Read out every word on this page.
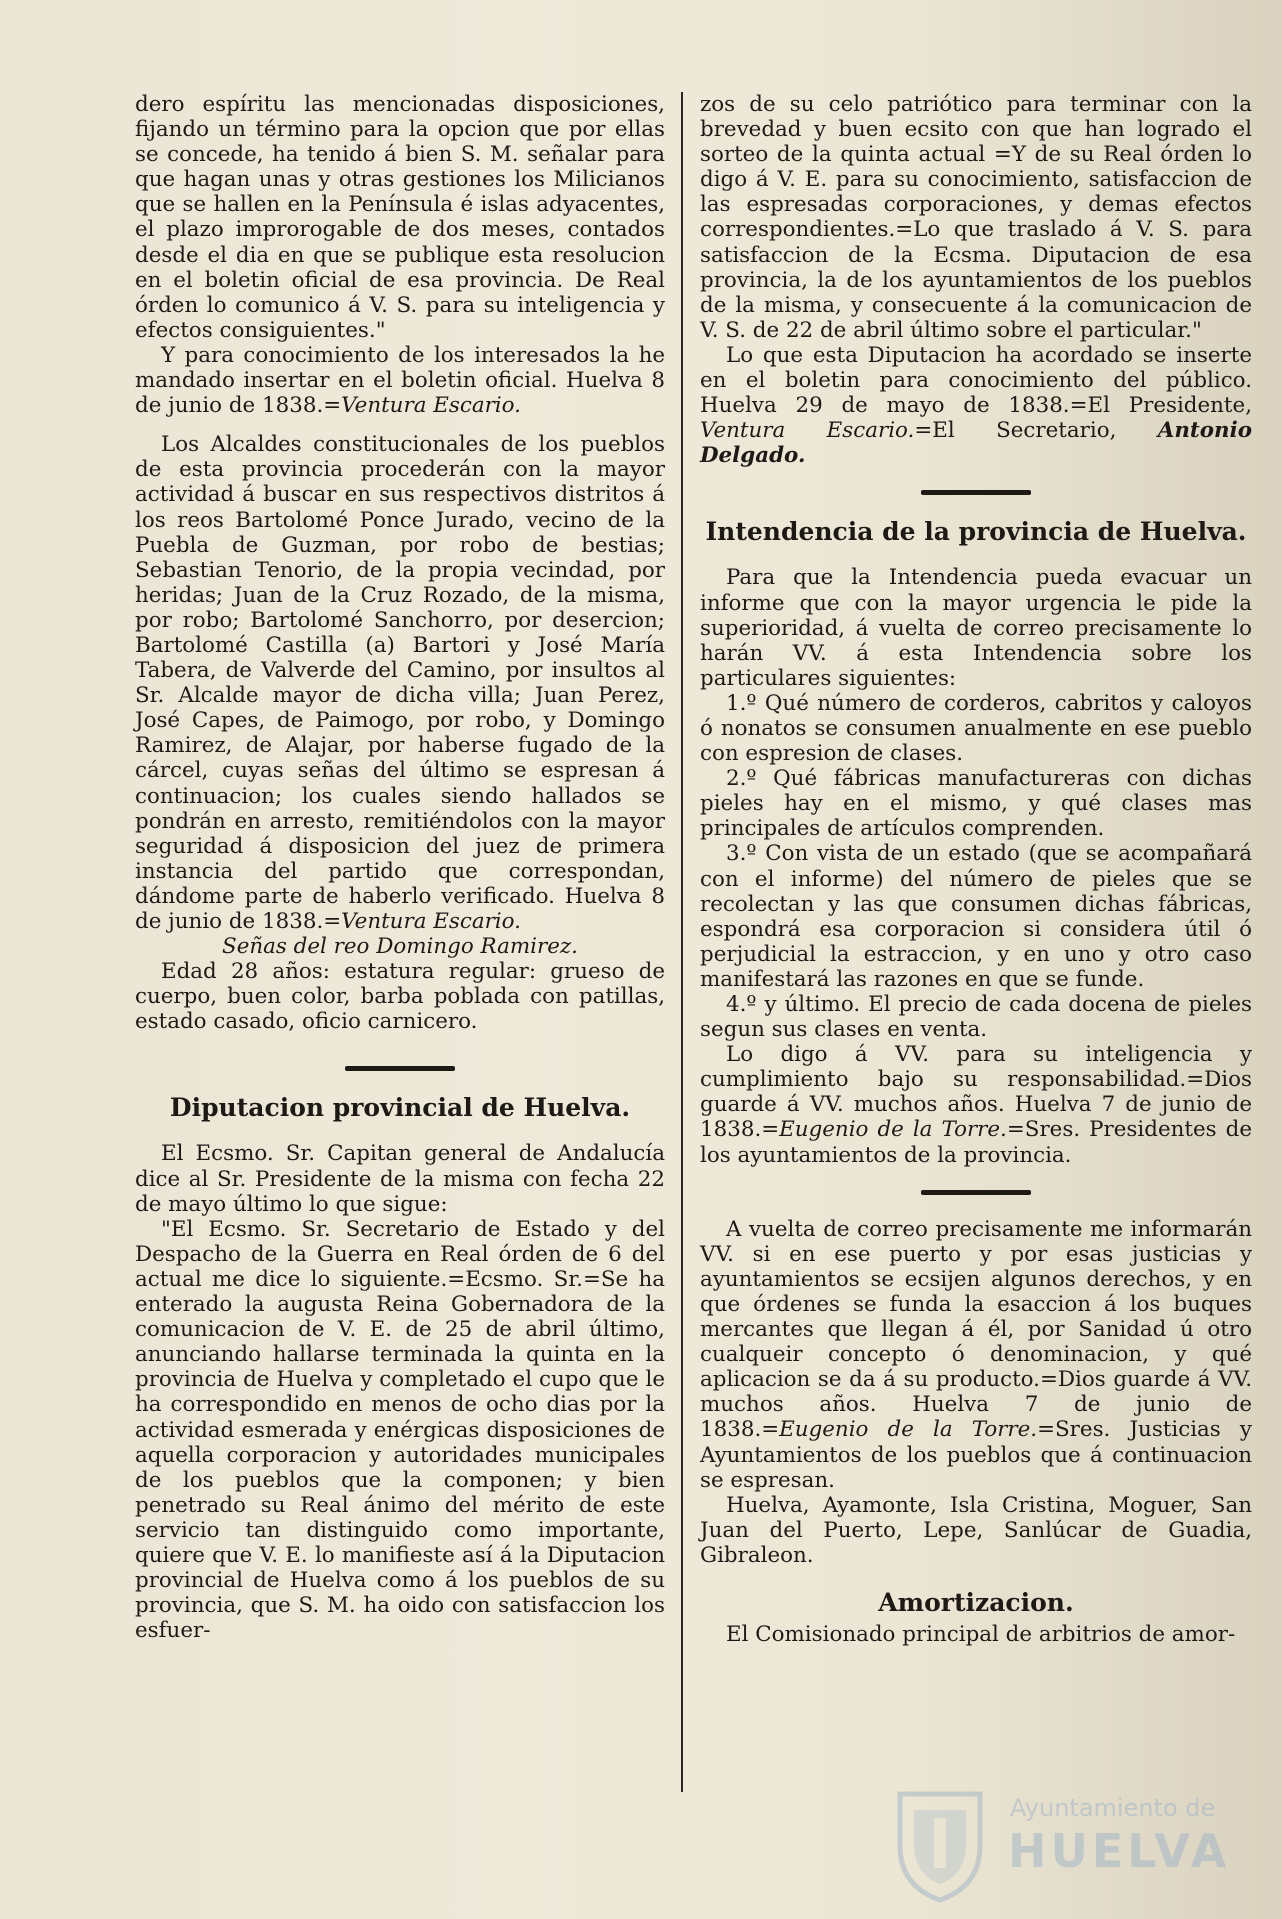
dero espíritu las mencionadas disposiciones, fijando un término para la opcion que por ellas se concede, ha tenido á bien S. M. señalar para que hagan unas y otras gestiones los Milicianos que se hallen en la Península é islas adyacentes, el plazo improrogable de dos meses, contados desde el dia en que se publique esta resolucion en el boletin oficial de esa provincia. De Real órden lo comunico á V. S. para su inteligencia y efectos consiguientes."

Y para conocimiento de los interesados la he mandado insertar en el boletin oficial. Huelva 8 de junio de 1838.=Ventura Escario.

Los Alcaldes constitucionales de los pueblos de esta provincia procederán con la mayor actividad á buscar en sus respectivos distritos á los reos Bartolomé Ponce Jurado, vecino de la Puebla de Guzman, por robo de bestias; Sebastian Tenorio, de la propia vecindad, por heridas; Juan de la Cruz Rozado, de la misma, por robo; Bartolomé Sanchorro, por desercion; Bartolomé Castilla (a) Bartori y José María Tabera, de Valverde del Camino, por insultos al Sr. Alcalde mayor de dicha villa; Juan Perez, José Capes, de Paimogo, por robo, y Domingo Ramirez, de Alajar, por haberse fugado de la cárcel, cuyas señas del último se espresan á continuacion; los cuales siendo hallados se pondrán en arresto, remitiéndolos con la mayor seguridad á disposicion del juez de primera instancia del partido que correspondan, dándome parte de haberlo verificado. Huelva 8 de junio de 1838.=Ventura Escario.

Señas del reo Domingo Ramirez.

Edad 28 años: estatura regular: grueso de cuerpo, buen color, barba poblada con patillas, estado casado, oficio carnicero.

Diputacion provincial de Huelva.

El Ecsmo. Sr. Capitan general de Andalucía dice al Sr. Presidente de la misma con fecha 22 de mayo último lo que sigue:

"El Ecsmo. Sr. Secretario de Estado y del Despacho de la Guerra en Real órden de 6 del actual me dice lo siguiente.=Ecsmo. Sr.=Se ha enterado la augusta Reina Gobernadora de la comunicacion de V. E. de 25 de abril último, anunciando hallarse terminada la quinta en la provincia de Huelva y completado el cupo que le ha correspondido en menos de ocho dias por la actividad esmerada y enérgicas disposiciones de aquella corporacion y autoridades municipales de los pueblos que la componen; y bien penetrado su Real ánimo del mérito de este servicio tan distinguido como importante, quiere que V. E. lo manifieste así á la Diputacion provincial de Huelva como á los pueblos de su provincia, que S. M. ha oido con satisfaccion los esfuer-

zos de su celo patriótico para terminar con la brevedad y buen ecsito con que han logrado el sorteo de la quinta actual =Y de su Real órden lo digo á V. E. para su conocimiento, satisfaccion de las espresadas corporaciones, y demas efectos correspondientes.=Lo que traslado á V. S. para satisfaccion de la Ecsma. Diputacion de esa provincia, la de los ayuntamientos de los pueblos de la misma, y consecuente á la comunicacion de V. S. de 22 de abril último sobre el particular."

Lo que esta Diputacion ha acordado se inserte en el boletin para conocimiento del público. Huelva 29 de mayo de 1838.=El Presidente, Ventura Escario.=El Secretario, Antonio Delgado.

Intendencia de la provincia de Huelva.

Para que la Intendencia pueda evacuar un informe que con la mayor urgencia le pide la superioridad, á vuelta de correo precisamente lo harán VV. á esta Intendencia sobre los particulares siguientes:

1.º Qué número de corderos, cabritos y caloyos ó nonatos se consumen anualmente en ese pueblo con espresion de clases.

2.º Qué fábricas manufactureras con dichas pieles hay en el mismo, y qué clases mas principales de artículos comprenden.

3.º Con vista de un estado (que se acompañará con el informe) del número de pieles que se recolectan y las que consumen dichas fábricas, espondrá esa corporacion si considera útil ó perjudicial la estraccion, y en uno y otro caso manifestará las razones en que se funde.

4.º y último. El precio de cada docena de pieles segun sus clases en venta.

Lo digo á VV. para su inteligencia y cumplimiento bajo su responsabilidad.=Dios guarde á VV. muchos años. Huelva 7 de junio de 1838.=Eugenio de la Torre.=Sres. Presidentes de los ayuntamientos de la provincia.

A vuelta de correo precisamente me informarán VV. si en ese puerto y por esas justicias y ayuntamientos se ecsijen algunos derechos, y en que órdenes se funda la esaccion á los buques mercantes que llegan á él, por Sanidad ú otro cualqueir concepto ó denominacion, y qué aplicacion se da á su producto.=Dios guarde á VV. muchos años. Huelva 7 de junio de 1838.=Eugenio de la Torre.=Sres. Justicias y Ayuntamientos de los pueblos que á continuacion se espresan.

Huelva, Ayamonte, Isla Cristina, Moguer, San Juan del Puerto, Lepe, Sanlúcar de Guadia, Gibraleon.

Amortizacion.

El Comisionado principal de arbitrios de amor-

Ayuntamiento de
HUELVA
